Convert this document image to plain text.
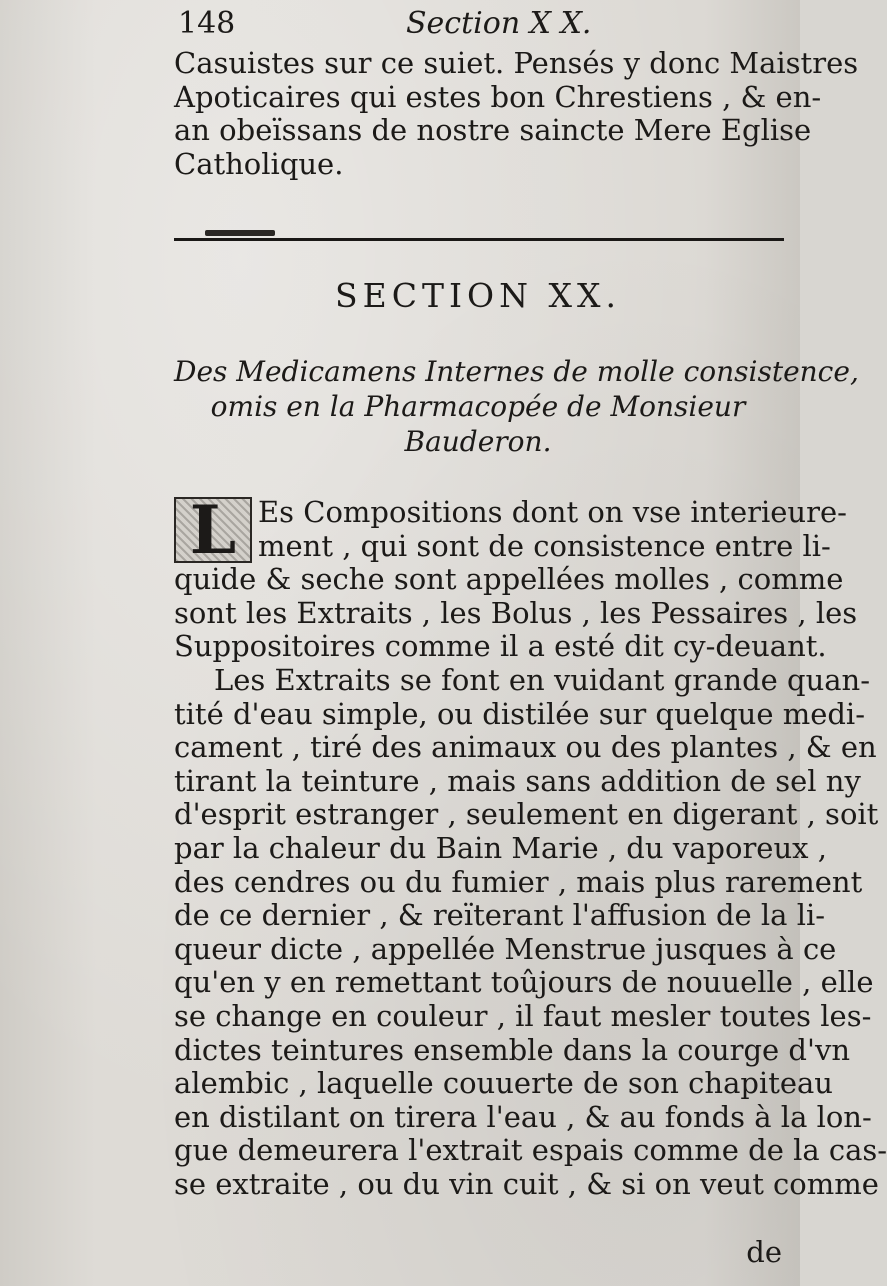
148	Section X X.
Casuistes sur ce suiet. Pensés y donc Maistres
Apoticaires qui estes bon Chrestiens , & en-
an obeïssans de nostre saincte Mere Eglise
Catholique.
SECTION XX.
Des Medicamens Internes de molle consistence,
omis en la Pharmacopée de Monsieur
Bauderon.
L Es Compositions dont on vse interieure-
ment , qui sont de consistence entre li-
quide & seche sont appellées molles , comme
sont les Extraits , les Bolus , les Pessaires , les
Suppositoires comme il a esté dit cy-deuant.
Les Extraits se font en vuidant grande quan-
tité d'eau simple, ou distilée sur quelque medi-
cament , tiré des animaux ou des plantes , & en
tirant la teinture , mais sans addition de sel ny
d'esprit estranger , seulement en digerant , soit
par la chaleur du Bain Marie , du vaporeux ,
des cendres ou du fumier , mais plus rarement
de ce dernier , & reïterant l'affusion de la li-
queur dicte , appellée Menstrue jusques à ce
qu'en y en remettant toûjours de nouuelle , elle
se change en couleur , il faut mesler toutes les-
dictes teintures ensemble dans la courge d'vn
alembic , laquelle couuerte de son chapiteau
en distilant on tirera l'eau , & au fonds à la lon-
gue demeurera l'extrait espais comme de la cas-
se extraite , ou du vin cuit , & si on veut comme
de
